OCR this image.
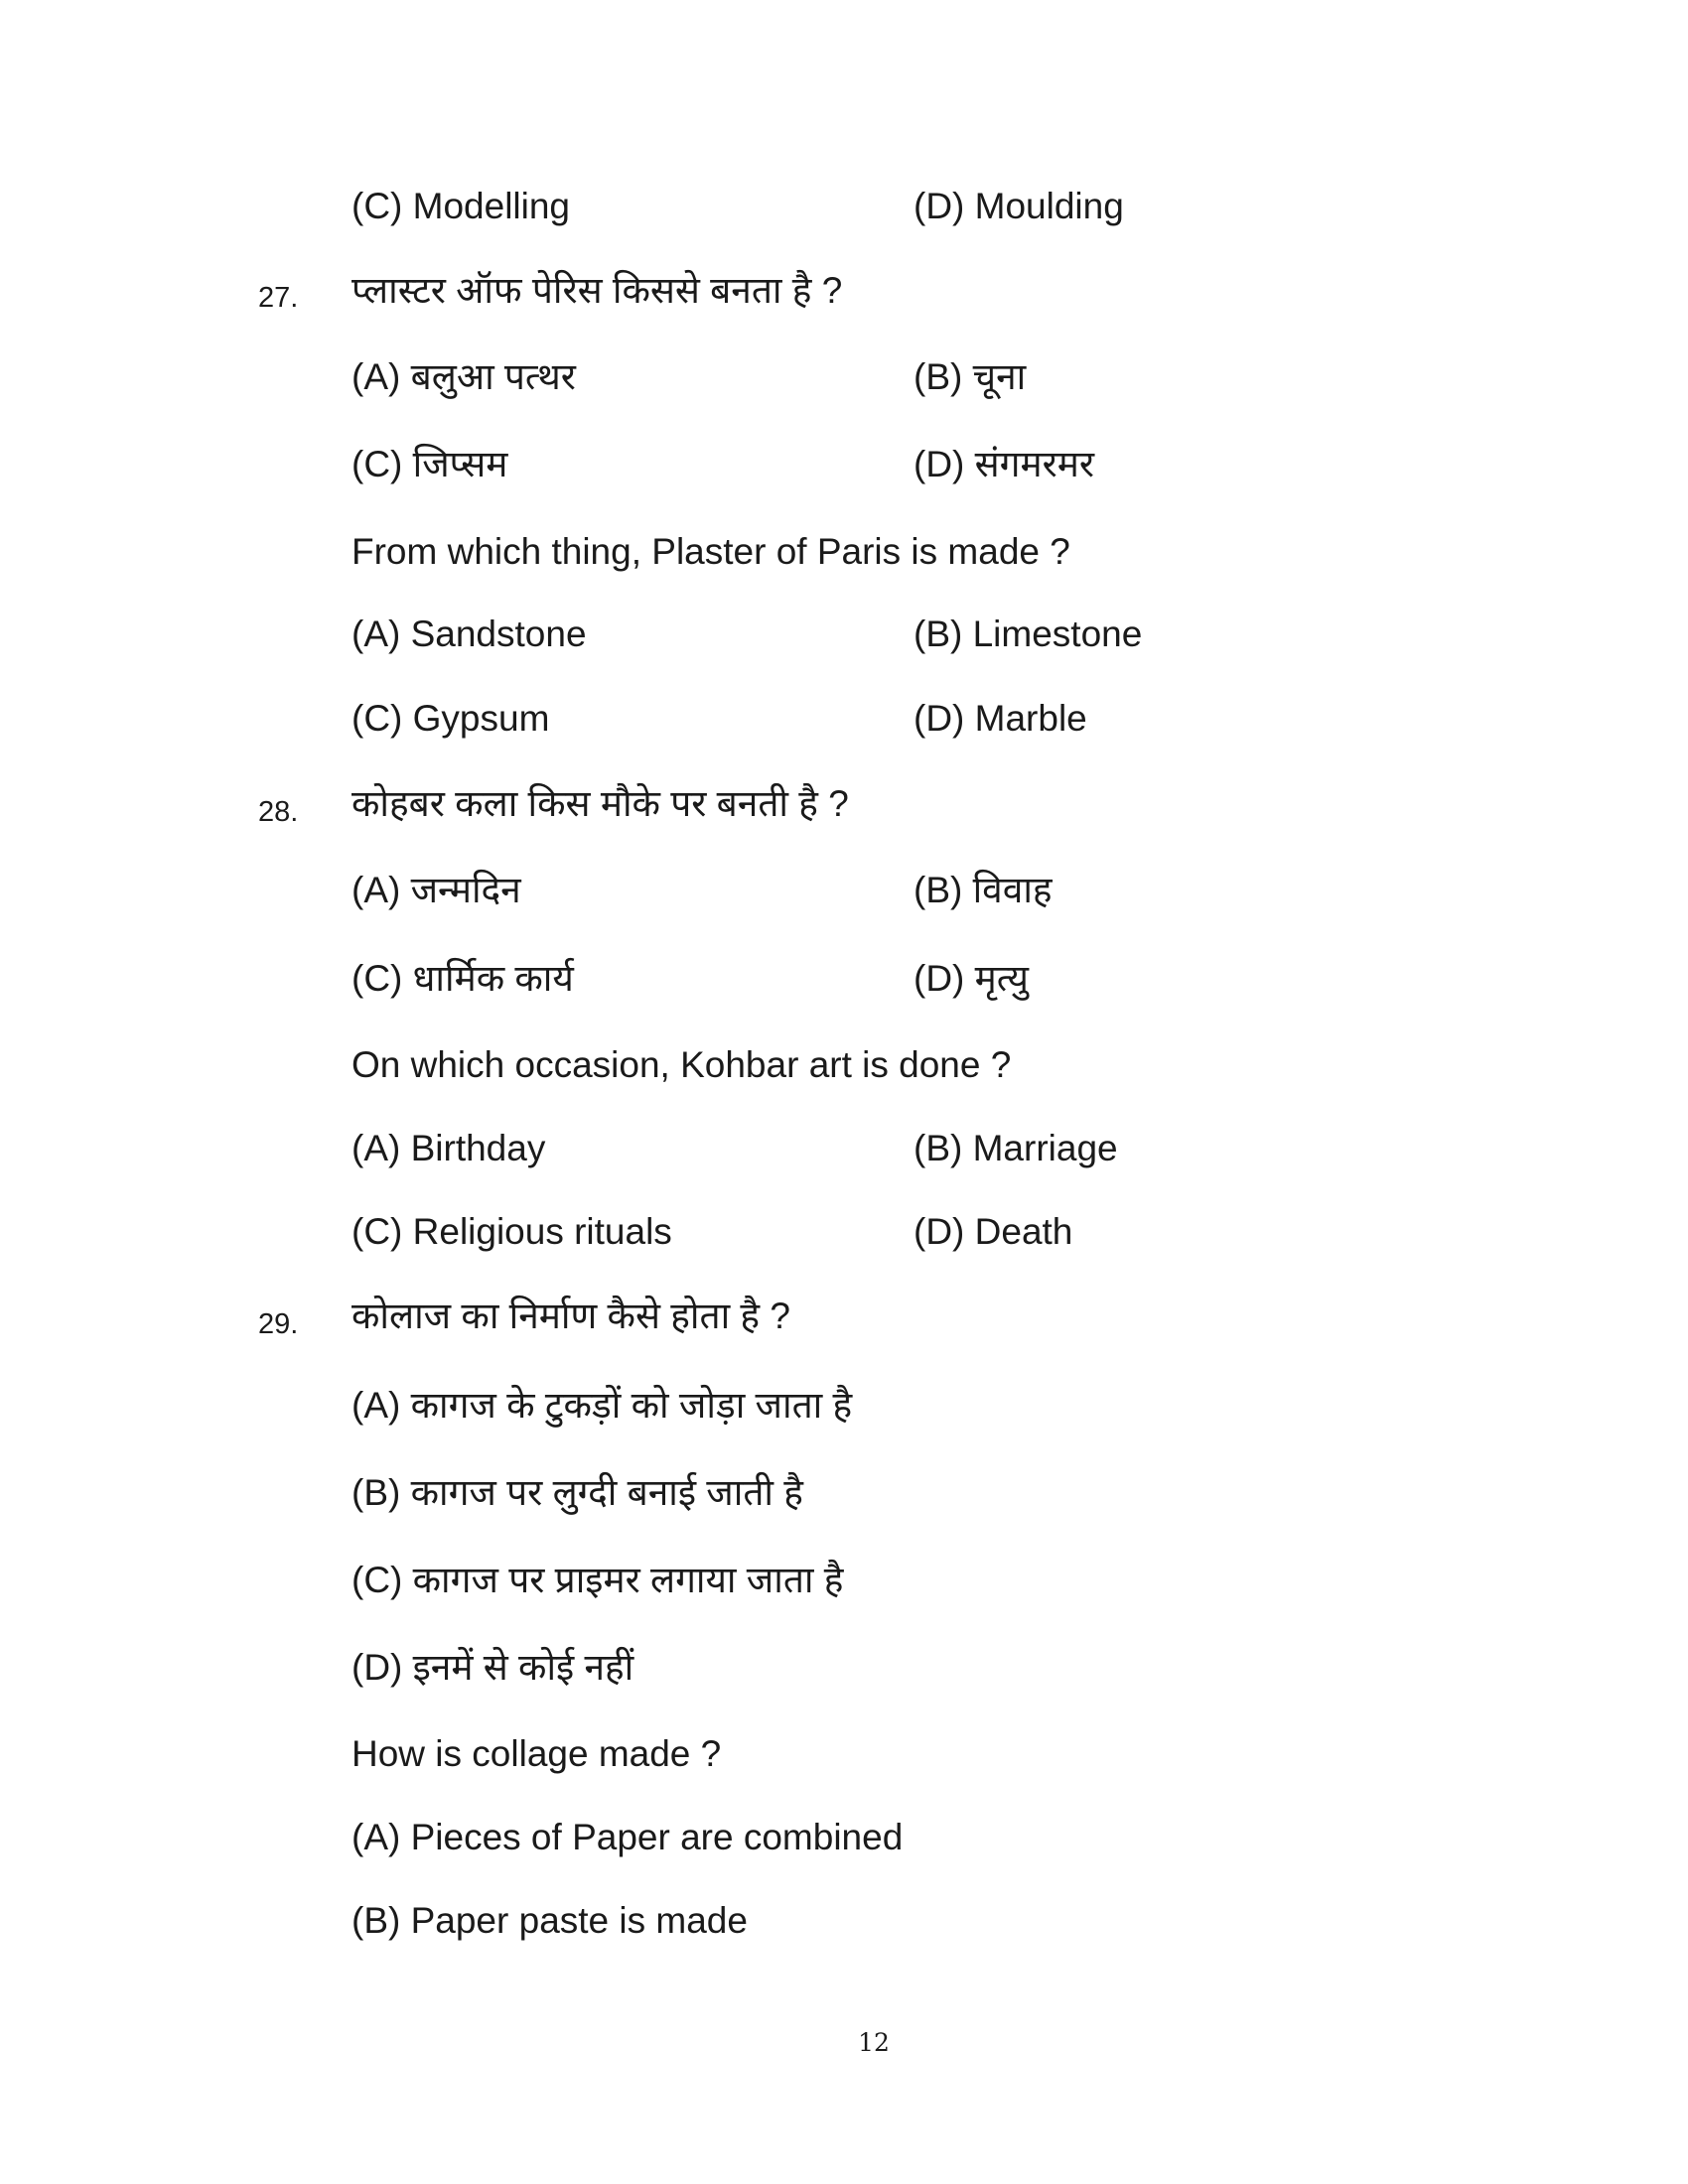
(C) Modelling	(D) Moulding
27. प्लास्टर ऑफ पेरिस किससे बनता है ?
(A) बलुआ पत्थर	(B) चूना
(C) जिप्सम	(D) संगमरमर
From which thing, Plaster of Paris is made ?
(A) Sandstone	(B) Limestone
(C) Gypsum	(D) Marble
28. कोहबर कला किस मौके पर बनती है ?
(A) जन्मदिन	(B) विवाह
(C) धार्मिक कार्य	(D) मृत्यु
On which occasion, Kohbar art is done ?
(A) Birthday	(B) Marriage
(C) Religious rituals	(D) Death
29. कोलाज का निर्माण कैसे होता है ?
(A) कागज के टुकड़ों को जोड़ा जाता है
(B) कागज पर लुग्दी बनाई जाती है
(C) कागज पर प्राइमर लगाया जाता है
(D) इनमें से कोई नहीं
How is collage made ?
(A) Pieces of Paper are combined
(B) Paper paste is made
12
